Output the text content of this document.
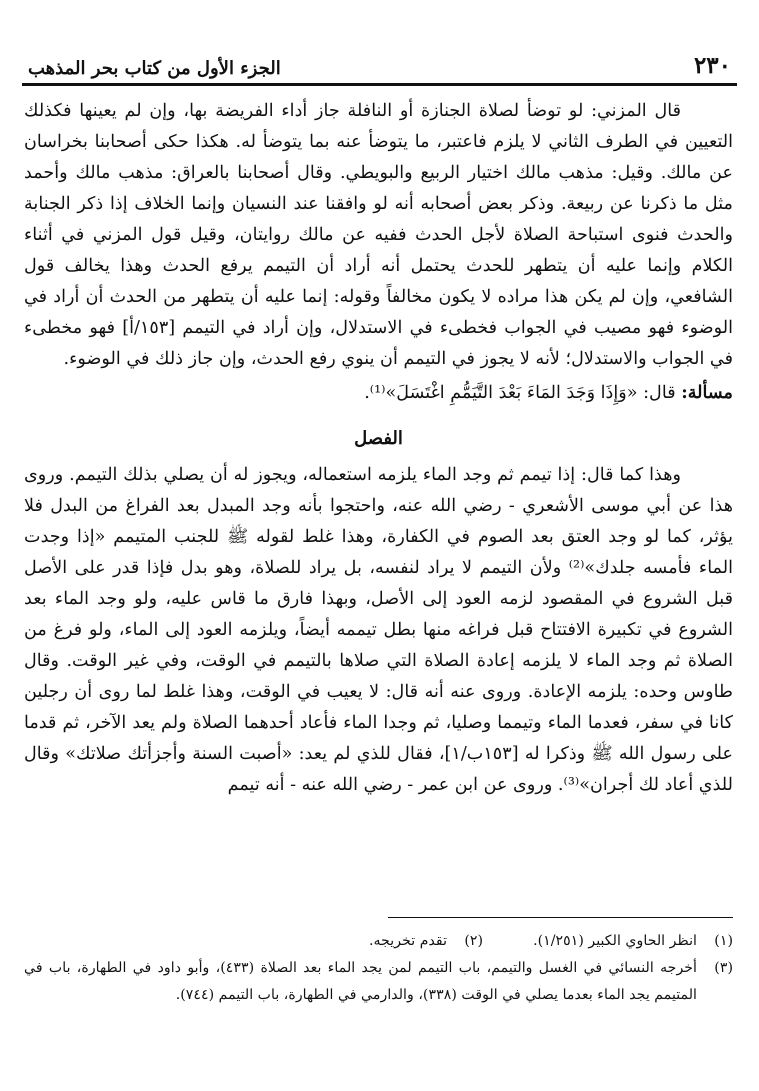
٢٣٠
الجزء الأول من كتاب بحر المذهب

قال المزني: لو توضأ لصلاة الجنازة أو النافلة جاز أداء الفريضة بها، وإن لم يعينها فكذلك التعيين في الطرف الثاني لا يلزم فاعتبر، ما يتوضأ عنه بما يتوضأ له. هكذا حكى أصحابنا بخراسان عن مالك. وقيل: مذهب مالك اختيار الربيع والبويطي. وقال أصحابنا بالعراق: مذهب مالك وأحمد مثل ما ذكرنا عن ربيعة. وذكر بعض أصحابه أنه لو وافقنا عند النسيان وإنما الخلاف إذا ذكر الجنابة والحدث فنوى استباحة الصلاة لأجل الحدث ففيه عن مالك روايتان، وقيل قول المزني في أثناء الكلام وإنما عليه أن يتطهر للحدث يحتمل أنه أراد أن التيمم يرفع الحدث وهذا يخالف قول الشافعي، وإن لم يكن هذا مراده لا يكون مخالفاً وقوله: إنما عليه أن يتطهر من الحدث أن أراد في الوضوء فهو مصيب في الجواب فخطىء في الاستدلال، وإن أراد في التيمم [١٥٣/أ] فهو مخطىء في الجواب والاستدلال؛ لأنه لا يجوز في التيمم أن ينوي رفع الحدث، وإن جاز ذلك في الوضوء.

مسألة: قال: «وَإِذَا وَجَدَ المَاءَ بَعْدَ التَّيَمُّمِ اغْتَسَلَ»⁽¹⁾.

الفصل

وهذا كما قال: إذا تيمم ثم وجد الماء يلزمه استعماله، ويجوز له أن يصلي بذلك التيمم. وروى هذا عن أبي موسى الأشعري - رضي الله عنه، واحتجوا بأنه وجد المبدل بعد الفراغ من البدل فلا يؤثر، كما لو وجد العتق بعد الصوم في الكفارة، وهذا غلط لقوله ﷺ للجنب المتيمم «إذا وجدت الماء فأمسه جلدك»⁽²⁾ ولأن التيمم لا يراد لنفسه، بل يراد للصلاة، وهو بدل فإذا قدر على الأصل قبل الشروع في المقصود لزمه العود إلى الأصل، وبهذا فارق ما قاس عليه، ولو وجد الماء بعد الشروع في تكبيرة الافتتاح قبل فراغه منها بطل تيممه أيضاً، ويلزمه العود إلى الماء، ولو فرغ من الصلاة ثم وجد الماء لا يلزمه إعادة الصلاة التي صلاها بالتيمم في الوقت، وفي غير الوقت. وقال طاوس وحده: يلزمه الإعادة. وروى عنه أنه قال: لا يعيب في الوقت، وهذا غلط لما روى أن رجلين كانا في سفر، فعدما الماء وتيمما وصليا، ثم وجدا الماء فأعاد أحدهما الصلاة ولم يعد الآخر، ثم قدما على رسول الله ﷺ وذكرا له [١٥٣ب/١]، فقال للذي لم يعد: «أصبت السنة وأجزأتك صلاتك» وقال للذي أعاد لك أجران»⁽³⁾. وروى عن ابن عمر - رضي الله عنه - أنه تيمم

(١)
انظر الحاوي الكبير (١/٢٥١).
(٢)
تقدم تخريجه.
(٣)
أخرجه النسائي في الغسل والتيمم، باب التيمم لمن يجد الماء بعد الصلاة (٤٣٣)، وأبو داود في الطهارة، باب في المتيمم يجد الماء بعدما يصلي في الوقت (٣٣٨)، والدارمي في الطهارة، باب التيمم (٧٤٤).
